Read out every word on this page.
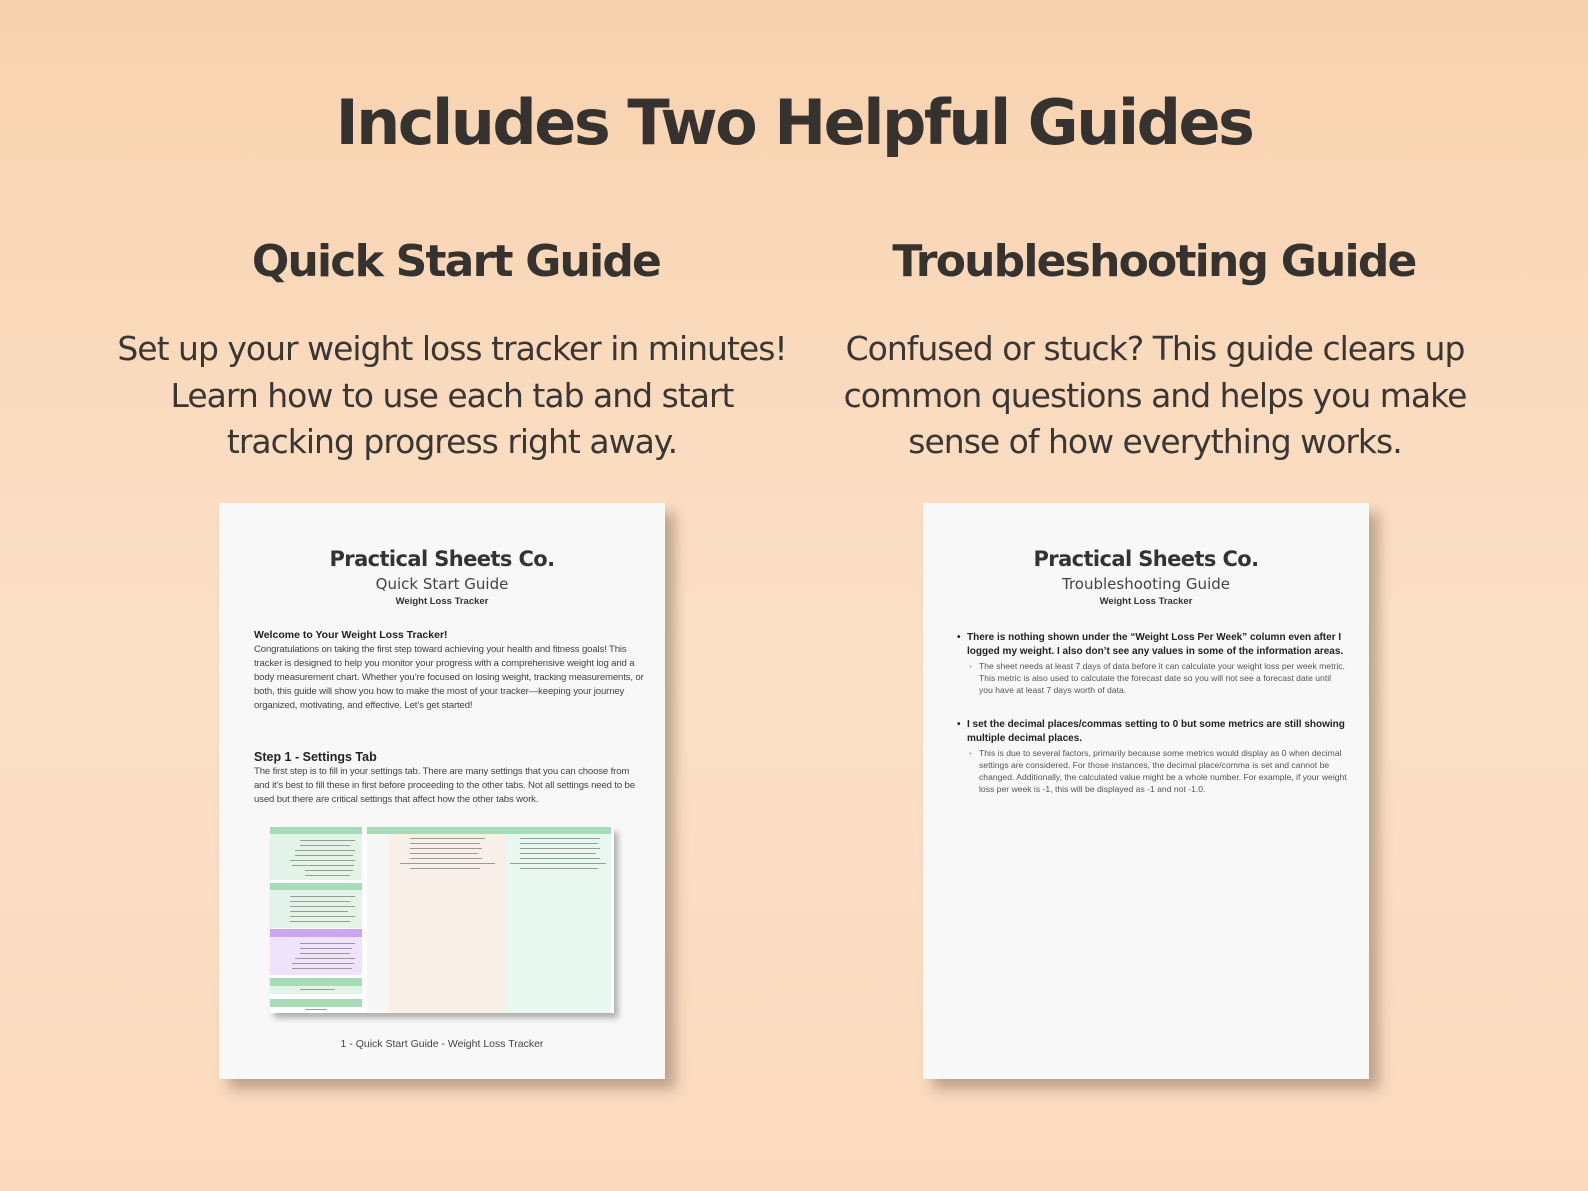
Includes Two Helpful Guides
Quick Start Guide
Set up your weight loss tracker in minutes! Learn how to use each tab and start tracking progress right away.
Troubleshooting Guide
Confused or stuck? This guide clears up common questions and helps you make sense of how everything works.
Practical Sheets Co.
Quick Start Guide
Weight Loss Tracker
Welcome to Your Weight Loss Tracker!
Congratulations on taking the first step toward achieving your health and fitness goals! This tracker is designed to help you monitor your progress with a comprehensive weight log and a body measurement chart. Whether you’re focused on losing weight, tracking measurements, or both, this guide will show you how to make the most of your tracker—keeping your journey organized, motivating, and effective. Let’s get started!
Step 1 - Settings Tab
The first step is to fill in your settings tab. There are many settings that you can choose from and it’s best to fill these in first before proceeding to the other tabs. Not all settings need to be used but there are critical settings that affect how the other tabs work.
1 - Quick Start Guide - Weight Loss Tracker
Practical Sheets Co.
Troubleshooting Guide
Weight Loss Tracker
• There is nothing shown under the “Weight Loss Per Week” column even after I logged my weight. I also don’t see any values in some of the information areas.
◦ The sheet needs at least 7 days of data before it can calculate your weight loss per week metric. This metric is also used to calculate the forecast date so you will not see a forecast date until you have at least 7 days worth of data.
• I set the decimal places/commas setting to 0 but some metrics are still showing multiple decimal places.
◦ This is due to several factors, primarily because some metrics would display as 0 when decimal settings are considered. For those instances, the decimal place/comma is set and cannot be changed. Additionally, the calculated value might be a whole number. For example, if your weight loss per week is -1, this will be displayed as -1 and not -1.0.
